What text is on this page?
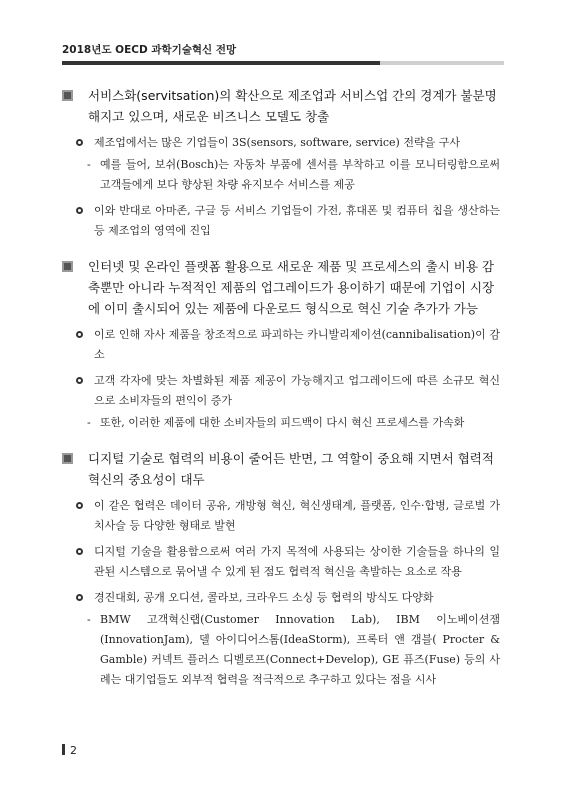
2018년도 OECD 과학기술혁신 전망
서비스화(servitsation)의 확산으로 제조업과 서비스업 간의 경계가 불분명해지고 있으며, 새로운 비즈니스 모델도 창출
제조업에서는 많은 기업들이 3S(sensors, software, service) 전략을 구사
- 예를 들어, 보쉬(Bosch)는 자동차 부품에 센서를 부착하고 이를 모니터링함으로써 고객들에게 보다 향상된 차량 유지보수 서비스를 제공
이와 반대로 아마존, 구글 등 서비스 기업들이 가전, 휴대폰 및 컴퓨터 칩을 생산하는 등 제조업의 영역에 진입
인터넷 및 온라인 플랫폼 활용으로 새로운 제품 및 프로세스의 출시 비용 감축뿐만 아니라 누적적인 제품의 업그레이드가 용이하기 때문에 기업이 시장에 이미 출시되어 있는 제품에 다운로드 형식으로 혁신 기술 추가가 가능
이로 인해 자사 제품을 창조적으로 파괴하는 카니발리제이션(cannibalisation)이 감소
고객 각자에 맞는 차별화된 제품 제공이 가능해지고 업그레이드에 따른 소규모 혁신으로 소비자들의 편익이 증가
- 또한, 이러한 제품에 대한 소비자들의 피드백이 다시 혁신 프로세스를 가속화
디지털 기술로 협력의 비용이 줄어든 반면, 그 역할이 중요해 지면서 협력적 혁신의 중요성이 대두
이 같은 협력은 데이터 공유, 개방형 혁신, 혁신생태계, 플랫폼, 인수·합병, 글로벌 가치사슬 등 다양한 형태로 발현
디지털 기술을 활용함으로써 여러 가지 목적에 사용되는 상이한 기술들을 하나의 일관된 시스템으로 묶어낼 수 있게 된 점도 협력적 혁신을 촉발하는 요소로 작용
경진대회, 공개 오디션, 콜라보, 크라우드 소싱 등 협력의 방식도 다양화
- BMW 고객혁신랩(Customer Innovation Lab), IBM 이노베이션잼(InnovationJam), 델 아이디어스톰(IdeaStorm), 프록터 앤 갬블( Procter & Gamble) 커넥트 플러스 디벨로프(Connect+Develop), GE 퓨즈(Fuse) 등의 사례는 대기업들도 외부적 협력을 적극적으로 추구하고 있다는 점을 시사
2
